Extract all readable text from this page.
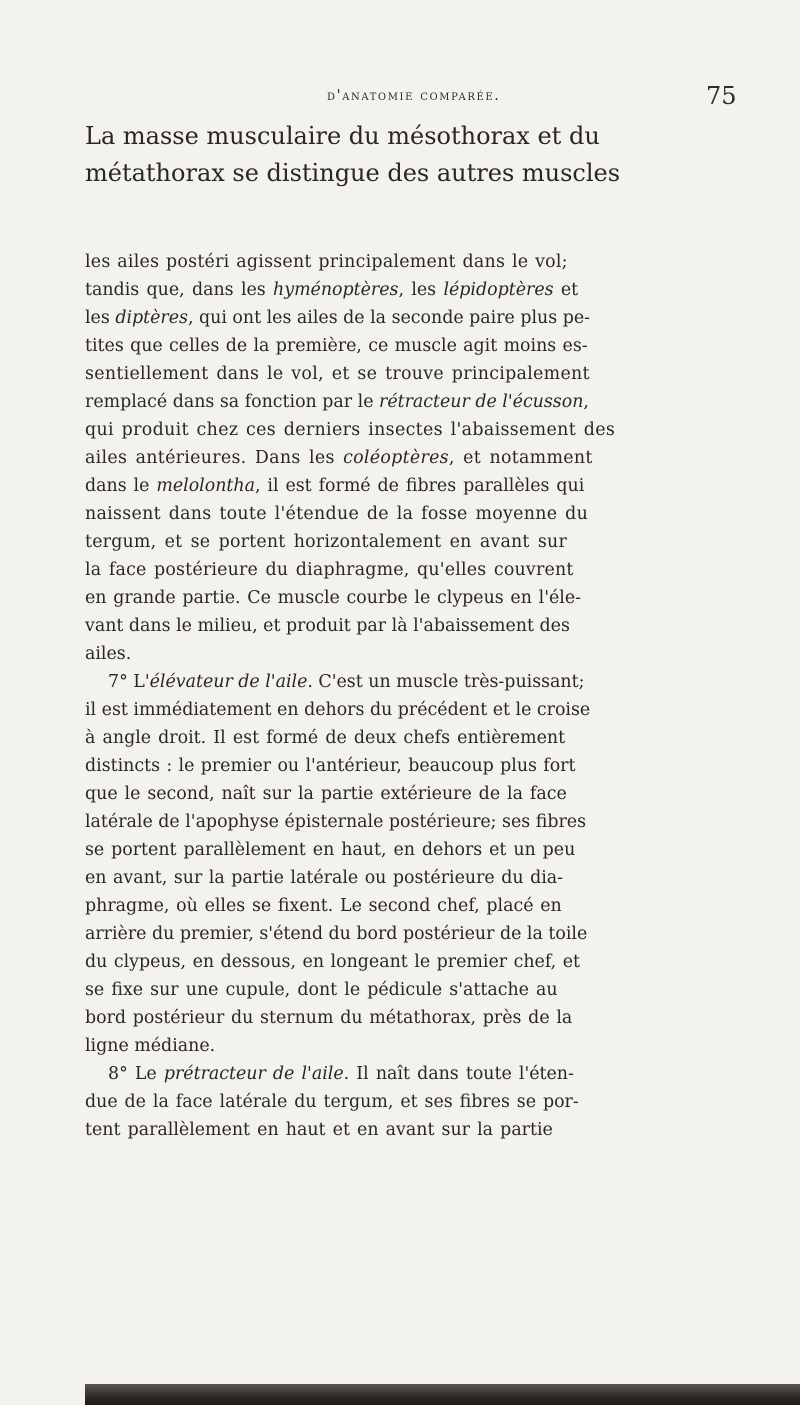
d'anatomie comparée.	75
La masse musculaire du mésothorax et du
métathorax se distingue des autres muscles
les ailes postéri agissent principalement dans le vol;
tandis que, dans les hyménoptères, les lépidoptères et
les diptères, qui ont les ailes de la seconde paire plus pe-
tites que celles de la première, ce muscle agit moins es-
sentiellement dans le vol, et se trouve principalement
remplacé dans sa fonction par le rétracteur de l'écusson,
qui produit chez ces derniers insectes l'abaissement des
ailes antérieures. Dans les coléoptères, et notamment
dans le melolontha, il est formé de fibres parallèles qui
naissent dans toute l'étendue de la fosse moyenne du
tergum, et se portent horizontalement en avant sur
la face postérieure du diaphragme, qu'elles couvrent
en grande partie. Ce muscle courbe le clypeus en l'éle-
vant dans le milieu, et produit par là l'abaissement des
ailes.
7° L'élévateur de l'aile. C'est un muscle très-puissant;
il est immédiatement en dehors du précédent et le croise
à angle droit. Il est formé de deux chefs entièrement
distincts : le premier ou l'antérieur, beaucoup plus fort
que le second, naît sur la partie extérieure de la face
latérale de l'apophyse épisternale postérieure; ses fibres
se portent parallèlement en haut, en dehors et un peu
en avant, sur la partie latérale ou postérieure du dia-
phragme, où elles se fixent. Le second chef, placé en
arrière du premier, s'étend du bord postérieur de la toile
du clypeus, en dessous, en longeant le premier chef, et
se fixe sur une cupule, dont le pédicule s'attache au
bord postérieur du sternum du métathorax, près de la
ligne médiane.
8° Le prétracteur de l'aile. Il naît dans toute l'éten-
due de la face latérale du tergum, et ses fibres se por-
tent parallèlement en haut et en avant sur la partie
